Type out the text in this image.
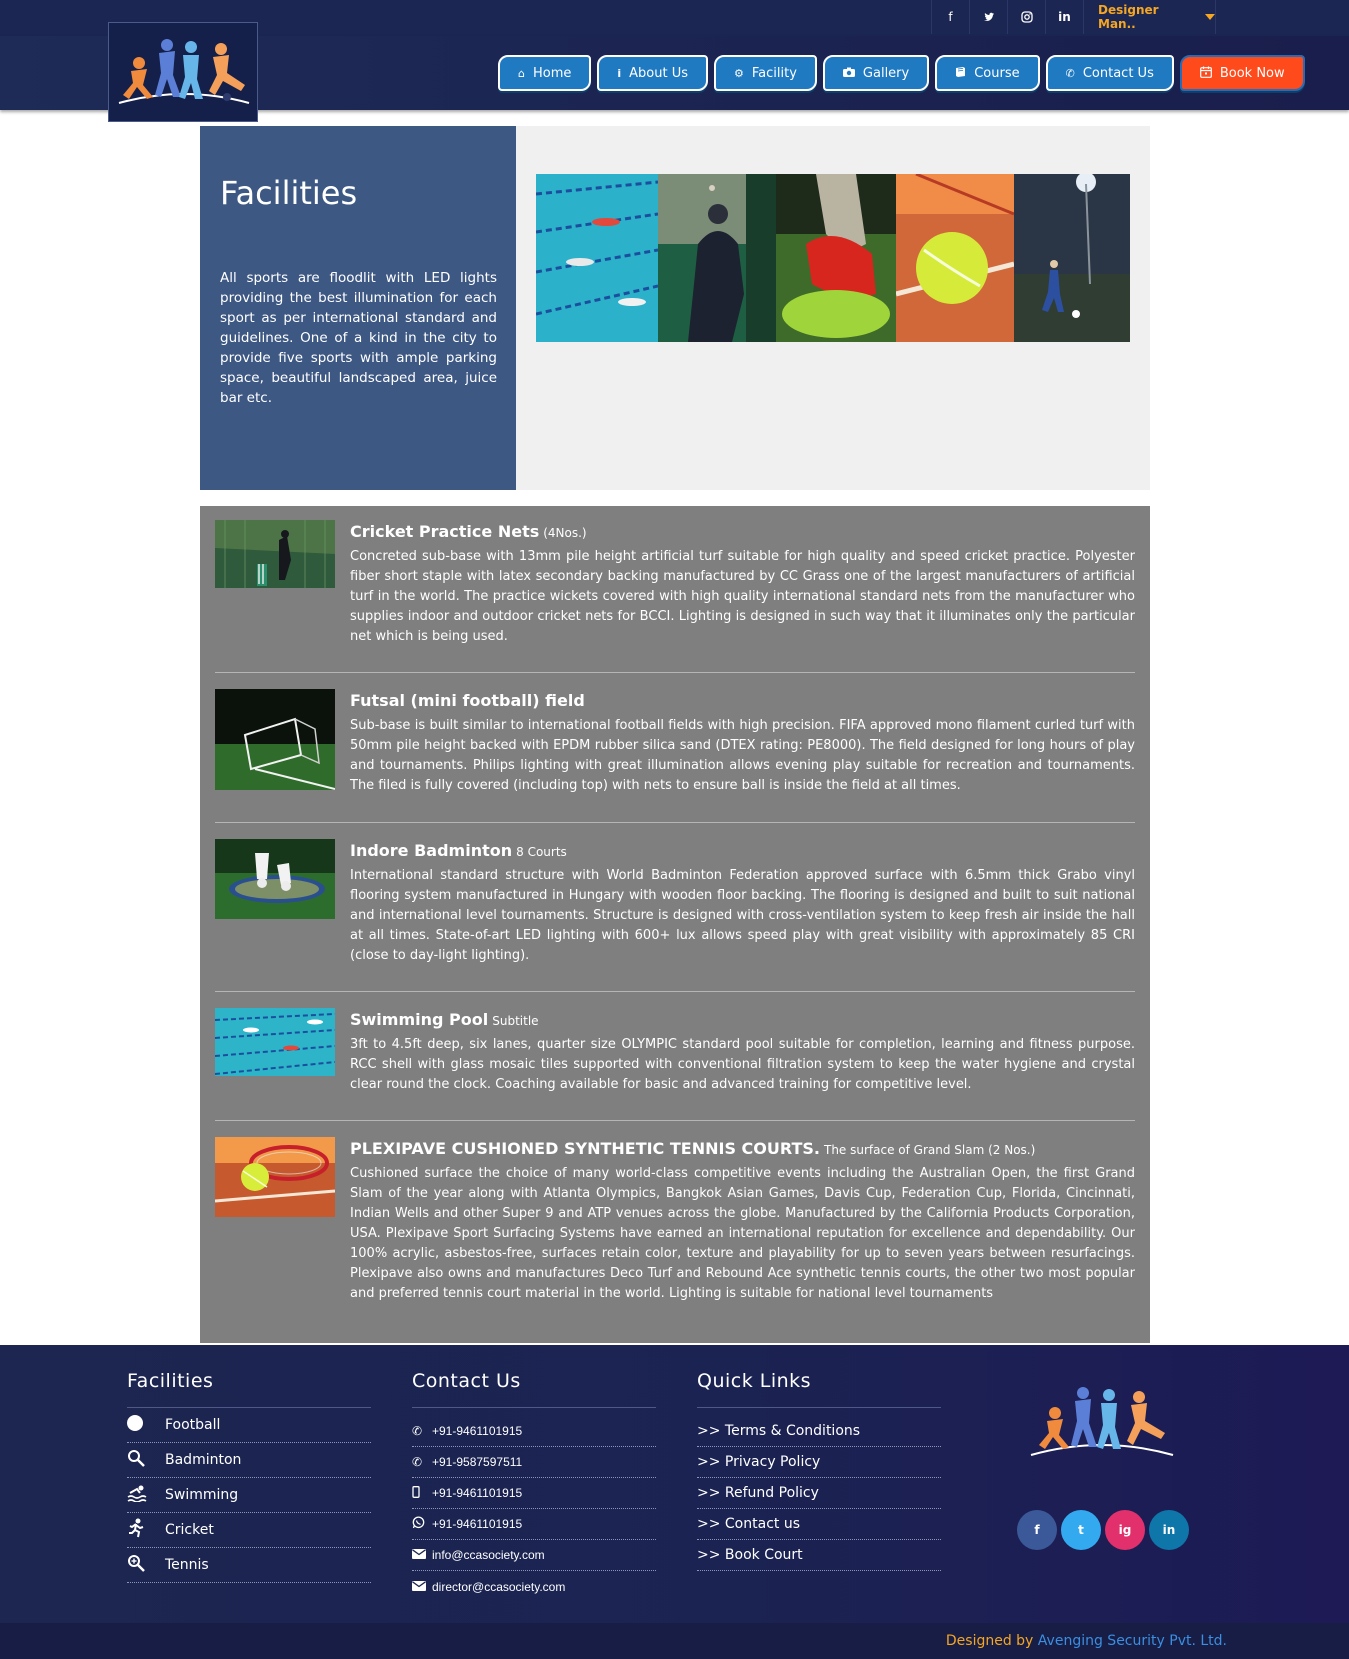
f	in	Designer Man..
⌂ Home	i About Us	⚙ Facility	Gallery	Course	✆ Contact Us	Book Now
Facilities
All sports are floodlit with LED lights providing the best illumination for each sport as per international standard and guidelines. One of a kind in the city to provide five sports with ample parking space, beautiful landscaped area, juice bar etc.
Cricket Practice Nets (4Nos.)

Concreted sub-base with 13mm pile height artificial turf suitable for high quality and speed cricket practice. Polyester fiber short staple with latex secondary backing manufactured by CC Grass one of the largest manufacturers of artificial turf in the world. The practice wickets covered with high quality international standard nets from the manufacturer who supplies indoor and outdoor cricket nets for BCCI. Lighting is designed in such way that it illuminates only the particular net which is being used.

Futsal (mini football) field

Sub-base is built similar to international football fields with high precision. FIFA approved mono filament curled turf with 50mm pile height backed with EPDM rubber silica sand (DTEX rating: PE8000). The field designed for long hours of play and tournaments. Philips lighting with great illumination allows evening play suitable for recreation and tournaments. The filed is fully covered (including top) with nets to ensure ball is inside the field at all times.

Indore Badminton 8 Courts

International standard structure with World Badminton Federation approved surface with 6.5mm thick Grabo vinyl flooring system manufactured in Hungary with wooden floor backing. The flooring is designed and built to suit national and international level tournaments. Structure is designed with cross-ventilation system to keep fresh air inside the hall at all times. State-of-art LED lighting with 600+ lux allows speed play with great visibility with approximately 85 CRI (close to day-light lighting).

Swimming Pool Subtitle

3ft to 4.5ft deep, six lanes, quarter size OLYMPIC standard pool suitable for completion, learning and fitness purpose. RCC shell with glass mosaic tiles supported with conventional filtration system to keep the water hygiene and crystal clear round the clock. Coaching available for basic and advanced training for competitive level.

PLEXIPAVE CUSHIONED SYNTHETIC TENNIS COURTS. The surface of Grand Slam (2 Nos.)

Cushioned surface the choice of many world-class competitive events including the Australian Open, the first Grand Slam of the year along with Atlanta Olympics, Bangkok Asian Games, Davis Cup, Federation Cup, Florida, Cincinnati, Indian Wells and other Super 9 and ATP venues across the globe. Manufactured by the California Products Corporation, USA. Plexipave Sport Surfacing Systems have earned an international reputation for excellence and dependability. Our 100% acrylic, asbestos-free, surfaces retain color, texture and playability for up to seven years between resurfacings. Plexipave also owns and manufactures Deco Turf and Rebound Ace synthetic tennis courts, the other two most popular and preferred tennis court material in the world. Lighting is suitable for national level tournaments

Facilities
Football
Badminton
Swimming
Cricket
Tennis
Contact Us
✆ +91-9461101915
✆ +91-9587597511
+91-9461101915
+91-9461101915
info@ccasociety.com
director@ccasociety.com
Quick Links
>> Terms & Conditions
>> Privacy Policy
>> Refund Policy
>> Contact us
>> Book Court
f	t	ig	in
Designed by Avenging Security Pvt. Ltd.
